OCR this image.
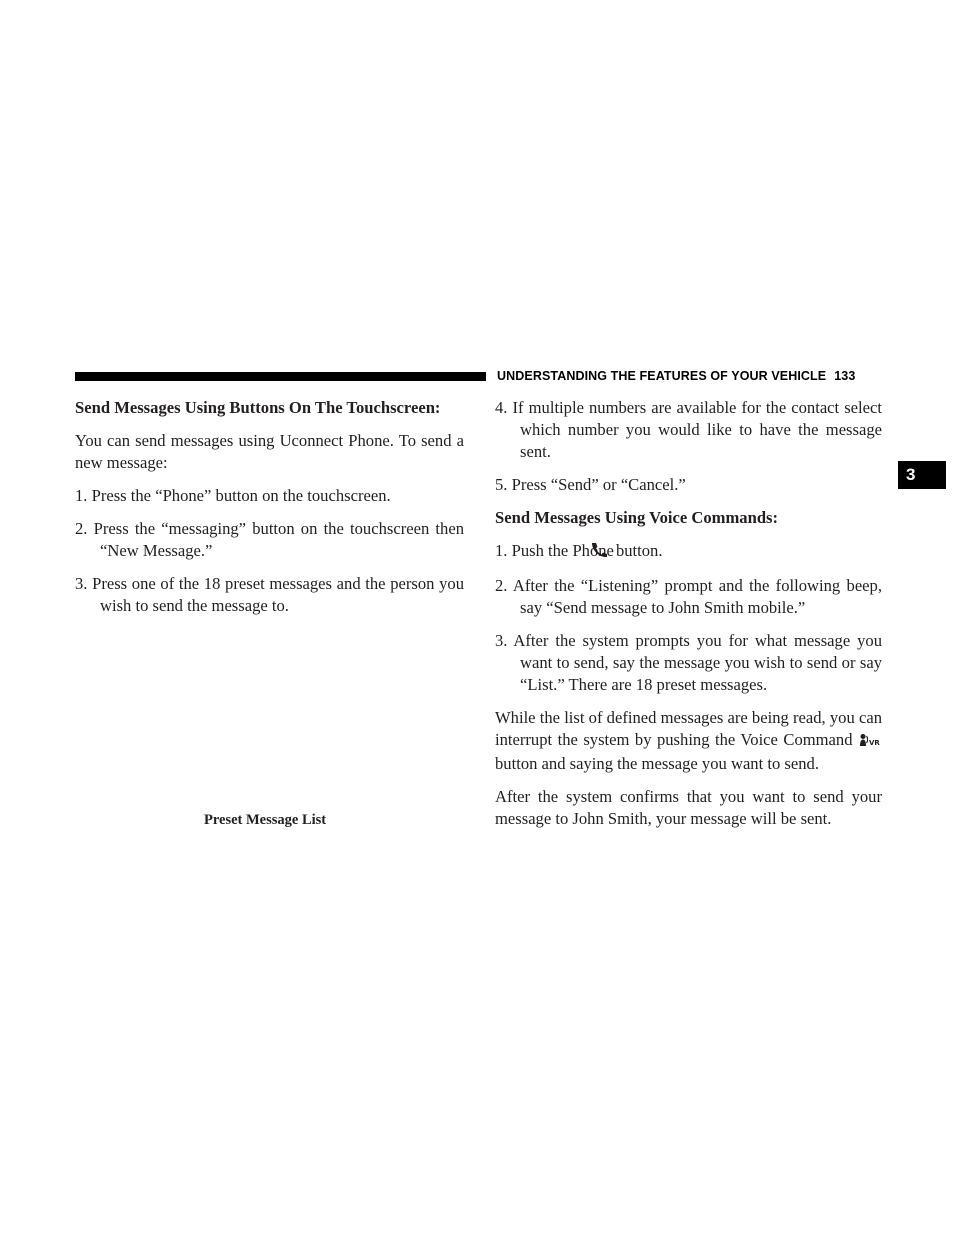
UNDERSTANDING THE FEATURES OF YOUR VEHICLE 133
Send Messages Using Buttons On The Touchscreen:

You can send messages using Uconnect Phone. To send a new message:

1. Press the “Phone” button on the touchscreen.

2. Press the “messaging” button on the touchscreen then “New Message.”

3. Press one of the 18 preset messages and the person you wish to send the message to.

Preset Message List

4. If multiple numbers are available for the contact select which number you would like to have the message sent.

5. Press “Send” or “Cancel.”

Send Messages Using Voice Commands:

1. Push the Phone button.

2. After the “Listening” prompt and the following beep, say “Send message to John Smith mobile.”

3. After the system prompts you for what message you want to send, say the message you wish to send or say “List.” There are 18 preset messages.

While the list of defined messages are being read, you can interrupt the system by pushing the Voice Command VR
button and saying the message you want to send.

After the system confirms that you want to send your message to John Smith, your message will be sent.

3
